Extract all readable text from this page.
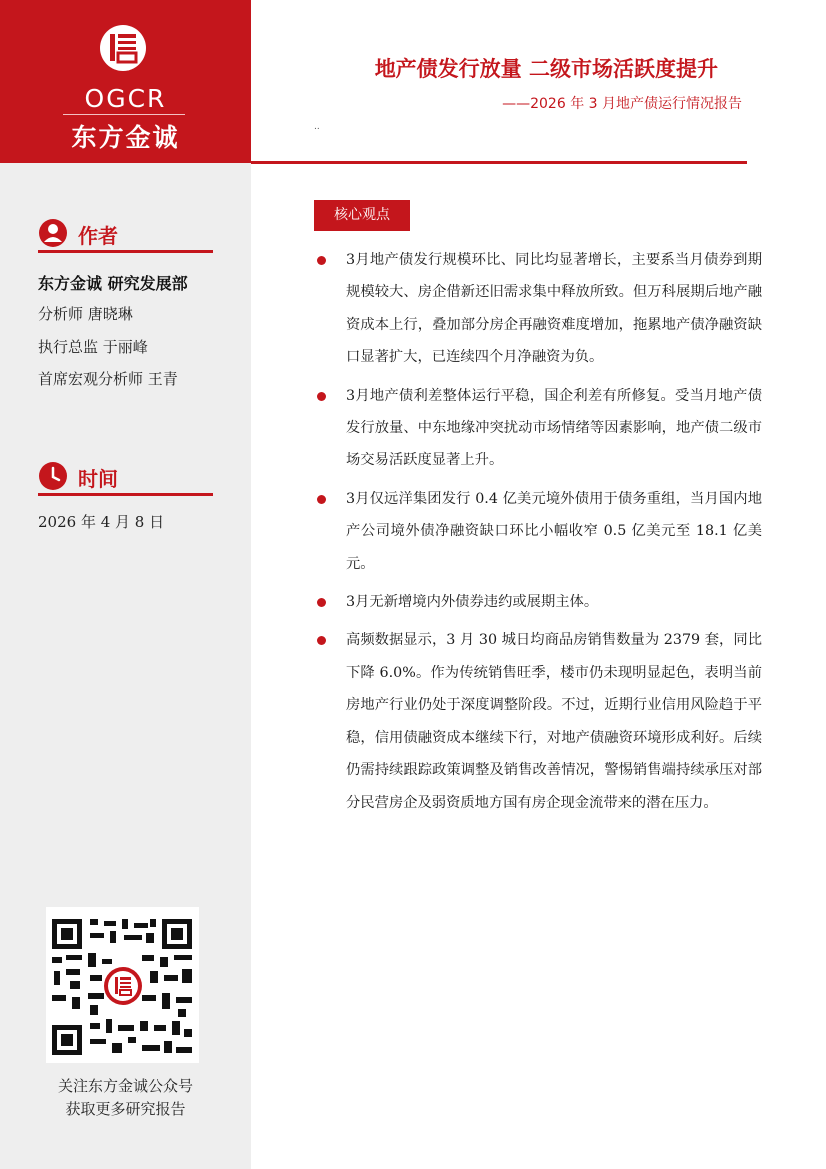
OGCR
东方金诚
地产债发行放量 二级市场活跃度提升
——2026 年 3 月地产债运行情况报告
..
作者
东方金诚 研究发展部
分析师 唐晓琳
执行总监 于丽峰
首席宏观分析师 王青
时间
2026 年 4 月 8 日
关注东方金诚公众号
获取更多研究报告
核心观点
3月地产债发行规模环比、同比均显著增长，主要系当月债券到期规模较大、房企借新还旧需求集中释放所致。但万科展期后地产融资成本上行，叠加部分房企再融资难度增加，拖累地产债净融资缺口显著扩大，已连续四个月净融资为负。
3月地产债利差整体运行平稳，国企利差有所修复。受当月地产债发行放量、中东地缘冲突扰动市场情绪等因素影响，地产债二级市场交易活跃度显著上升。
3月仅远洋集团发行 0.4 亿美元境外债用于债务重组，当月国内地产公司境外债净融资缺口环比小幅收窄 0.5 亿美元至 18.1 亿美元。
3月无新增境内外债券违约或展期主体。
高频数据显示，3 月 30 城日均商品房销售数量为 2379 套，同比下降 6.0%。作为传统销售旺季，楼市仍未现明显起色，表明当前房地产行业仍处于深度调整阶段。不过，近期行业信用风险趋于平稳，信用债融资成本继续下行，对地产债融资环境形成利好。后续仍需持续跟踪政策调整及销售改善情况，警惕销售端持续承压对部分民营房企及弱资质地方国有房企现金流带来的潜在压力。
